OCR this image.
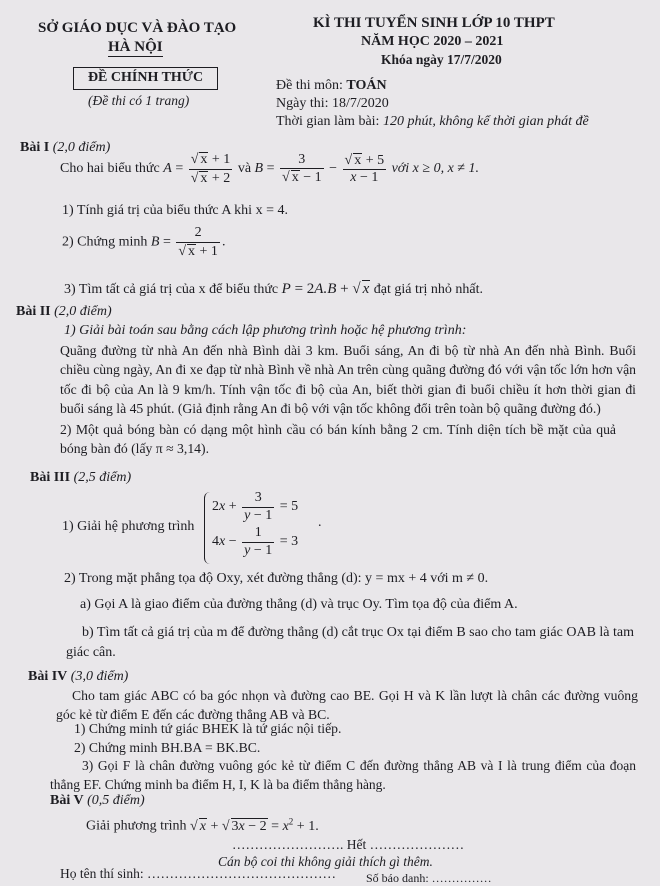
SỞ GIÁO DỤC VÀ ĐÀO TẠO
HÀ NỘI
ĐỀ CHÍNH THỨC
(Đề thi có 1 trang)
KÌ THI TUYỂN SINH LỚP 10 THPT
NĂM HỌC 2020 – 2021
Khóa ngày 17/7/2020
Đề thi môn: TOÁN
Ngày thi: 18/7/2020
Thời gian làm bài: 120 phút, không kể thời gian phát đề
Bài I (2,0 điểm)
Cho hai biểu thức $A = \frac{√ x + 1}{√ x + 2}$ và $B = \frac{3}{√ x - 1} - \frac{√ x + 5}{x - 1}$ với x ≥ 0, x ≠ 1.
1) Tính giá trị của biểu thức A khi x = 4.
2) Chứng minh $B = \frac{2}{√ x + 1}$ .
3) Tìm tất cả giá trị của x để biểu thức P = 2A.B + √ x đạt giá trị nhỏ nhất.
Bài II (2,0 điểm)
1) Giải bài toán sau bằng cách lập phương trình hoặc hệ phương trình:
Quãng đường từ nhà An đến nhà Bình dài 3 km. Buổi sáng, An đi bộ từ nhà An đến nhà Bình. Buổi chiều cùng ngày, An đi xe đạp từ nhà Bình về nhà An trên cùng quãng đường đó với vận tốc lớn hơn vận tốc đi bộ của An là 9 km/h. Tính vận tốc đi bộ của An, biết thời gian đi buổi chiều ít hơn thời gian đi buổi sáng là 45 phút. (Giả định rằng An đi bộ với vận tốc không đổi trên toàn bộ quãng đường đó.)
2) Một quả bóng bàn có dạng một hình cầu có bán kính bằng 2 cm. Tính diện tích bề mặt của quả bóng bàn đó (lấy π ≈ 3,14).
Bài III (2,5 điểm)
1) Giải hệ phương trình
$2x + \frac{3}{y - 1} = 5$
$4x - \frac{1}{y - 1} = 3$
.
2) Trong mặt phẳng tọa độ Oxy, xét đường thẳng (d): y = mx + 4 với m ≠ 0.
a) Gọi A là giao điểm của đường thẳng (d) và trục Oy. Tìm tọa độ của điểm A.
b) Tìm tất cả giá trị của m để đường thẳng (d) cắt trục Ox tại điểm B sao cho tam giác OAB là tam giác cân.
Bài IV (3,0 điểm)
Cho tam giác ABC có ba góc nhọn và đường cao BE. Gọi H và K lần lượt là chân các đường vuông góc kẻ từ điểm E đến các đường thẳng AB và BC.
1) Chứng minh tứ giác BHEK là tứ giác nội tiếp.
2) Chứng minh BH.BA = BK.BC.
3) Gọi F là chân đường vuông góc kẻ từ điểm C đến đường thẳng AB và I là trung điểm của đoạn thẳng EF. Chứng minh ba điểm H, I, K là ba điểm thẳng hàng.
Bài V (0,5 điểm)
Giải phương trình √ x + √ $3x - 2 = x^2 + 1$.
……………………. Hết …………………
Cán bộ coi thi không giải thích gì thêm.
Họ tên thí sinh: ……………………………………	Số báo danh: ……………
